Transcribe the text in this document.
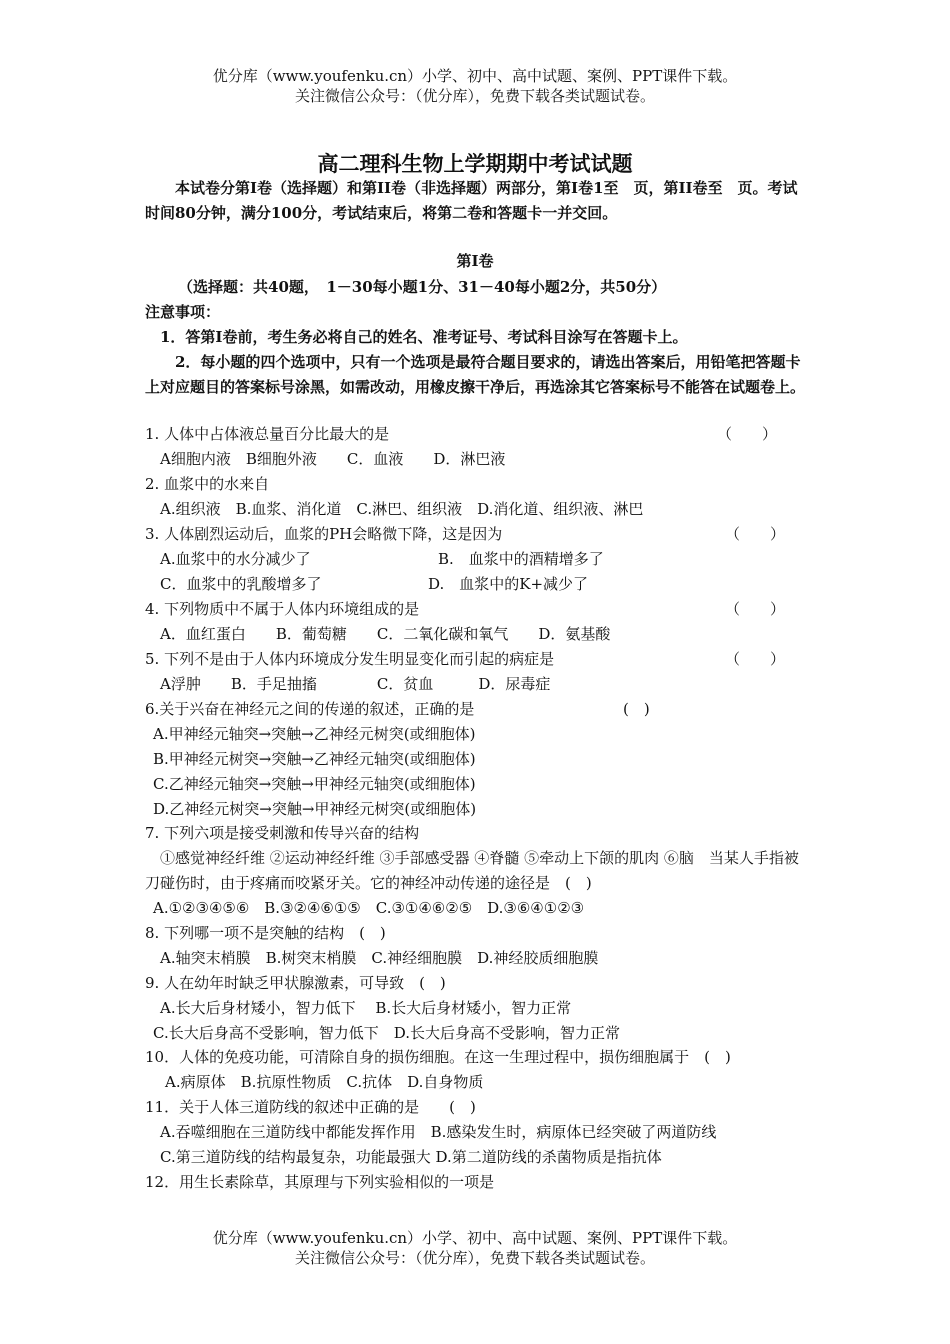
优分库（www.youfenku.cn）小学、初中、高中试题、案例、PPT课件下载。
关注微信公众号：（优分库），免费下载各类试题试卷。
高二理科生物上学期期中考试试题
本试卷分第I卷（选择题）和第II卷（非选择题）两部分，第I卷1至　页，第II卷至　页。考试时间80分钟，满分100分，考试结束后，将第二卷和答题卡一并交回。
第I卷
（选择题：共40题，　1－30每小题1分、31－40每小题2分，共50分）
注意事项：
1．答第I卷前，考生务必将自己的姓名、准考证号、考试科目涂写在答题卡上。
2．每小题的四个选项中，只有一个选项是最符合题目要求的，请选出答案后，用铅笔把答题卡上对应题目的答案标号涂黑，如需改动，用橡皮擦干净后，再选涂其它答案标号不能答在试题卷上。
1. 人体中占体液总量百分比最大的是	（　　）
A细胞内液　B细胞外液　　C．血液　　D．淋巴液
2. 血浆中的水来自
A.组织液　B.血浆、消化道　C.淋巴、组织液　D.消化道、组织液、淋巴
3. 人体剧烈运动后，血浆的PH会略微下降，这是因为	（　　）
A.血浆中的水分减少了	B.　血浆中的酒精增多了
C．血浆中的乳酸增多了	D.　血浆中的K+减少了
4. 下列物质中不属于人体内环境组成的是	（　　）
A．血红蛋白　　B．葡萄糖　　C．二氧化碳和氧气　　D．氨基酸
5. 下列不是由于人体内环境成分发生明显变化而引起的病症是	（　　）
A浮肿　　B．手足抽搐　　　　C．贫血　　　D．尿毒症
6.关于兴奋在神经元之间的传递的叙述，正确的是	(　)
A.甲神经元轴突→突触→乙神经元树突(或细胞体)
B.甲神经元树突→突触→乙神经元轴突(或细胞体)
C.乙神经元轴突→突触→甲神经元轴突(或细胞体)
D.乙神经元树突→突触→甲神经元树突(或细胞体)
7. 下列六项是接受刺激和传导兴奋的结构
①感觉神经纤维 ②运动神经纤维 ③手部感受器 ④脊髓 ⑤牵动上下颌的肌肉 ⑥脑　当某人手指被刀碰伤时，由于疼痛而咬紧牙关。它的神经冲动传递的途径是　(　)
A.①②③④⑤⑥　B.③②④⑥①⑤　C.③①④⑥②⑤　D.③⑥④①②③
8. 下列哪一项不是突触的结构　(　)
A.轴突末梢膜　B.树突末梢膜　C.神经细胞膜　D.神经胶质细胞膜
9. 人在幼年时缺乏甲状腺激素，可导致　(　)
A.长大后身材矮小，智力低下　 B.长大后身材矮小，智力正常
C.长大后身高不受影响，智力低下　D.长大后身高不受影响，智力正常
10．人体的免疫功能，可清除自身的损伤细胞。在这一生理过程中，损伤细胞属于　(　)
A.病原体　B.抗原性物质　C.抗体　D.自身物质
11．关于人体三道防线的叙述中正确的是　　(　)
A.吞噬细胞在三道防线中都能发挥作用　B.感染发生时，病原体已经突破了两道防线
C.第三道防线的结构最复杂，功能最强大 D.第二道防线的杀菌物质是指抗体
12．用生长素除草，其原理与下列实验相似的一项是
优分库（www.youfenku.cn）小学、初中、高中试题、案例、PPT课件下载。
关注微信公众号：（优分库），免费下载各类试题试卷。
